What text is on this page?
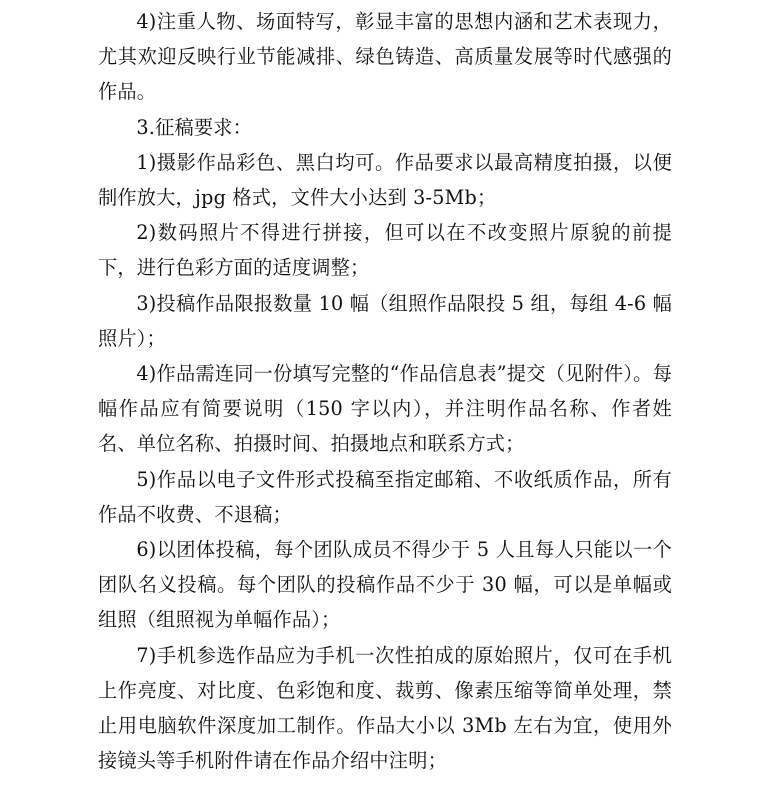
4)注重人物、场面特写，彰显丰富的思想内涵和艺术表现力，尤其欢迎反映行业节能减排、绿色铸造、高质量发展等时代感强的作品。

3.征稿要求：

1)摄影作品彩色、黑白均可。作品要求以最高精度拍摄，以便制作放大，jpg 格式，文件大小达到 3-5Mb；

2)数码照片不得进行拼接，但可以在不改变照片原貌的前提下，进行色彩方面的适度调整；

3)投稿作品限报数量 10 幅（组照作品限投 5 组，每组 4-6 幅照片）；

4)作品需连同一份填写完整的“作品信息表”提交（见附件）。每幅作品应有简要说明（150 字以内），并注明作品名称、作者姓名、单位名称、拍摄时间、拍摄地点和联系方式；

5)作品以电子文件形式投稿至指定邮箱、不收纸质作品，所有作品不收费、不退稿；

6)以团体投稿，每个团队成员不得少于 5 人且每人只能以一个团队名义投稿。每个团队的投稿作品不少于 30 幅，可以是单幅或组照（组照视为单幅作品）；

7)手机参选作品应为手机一次性拍成的原始照片，仅可在手机上作亮度、对比度、色彩饱和度、裁剪、像素压缩等简单处理，禁止用电脑软件深度加工制作。作品大小以 3Mb 左右为宜，使用外接镜头等手机附件请在作品介绍中注明；
